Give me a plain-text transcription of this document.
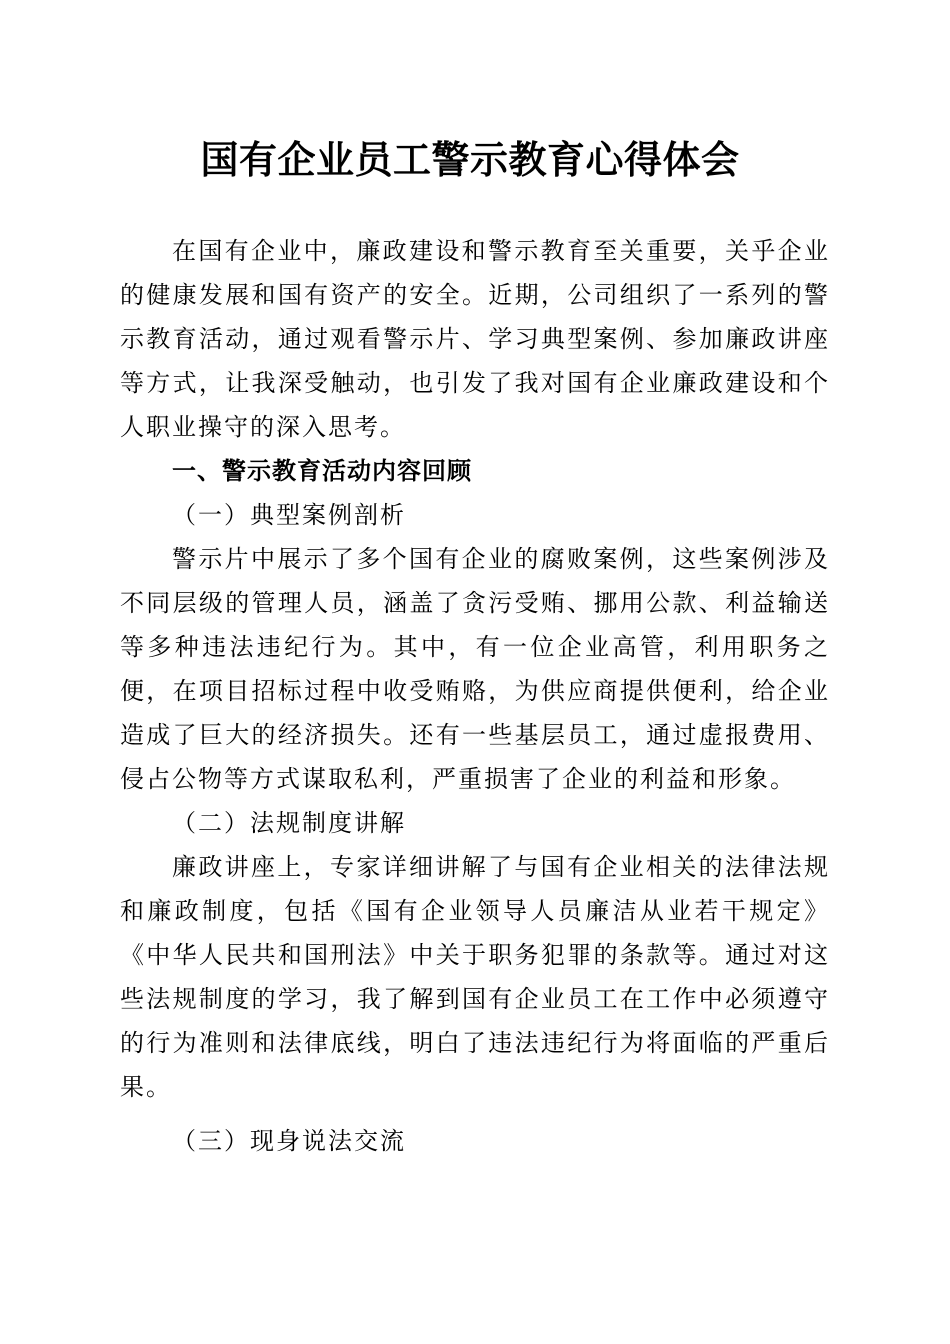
国有企业员工警示教育心得体会

在国有企业中，廉政建设和警示教育至关重要，关乎企业的健康发展和国有资产的安全。近期，公司组织了一系列的警示教育活动，通过观看警示片、学习典型案例、参加廉政讲座等方式，让我深受触动，也引发了我对国有企业廉政建设和个人职业操守的深入思考。

一、警示教育活动内容回顾

（一）典型案例剖析

警示片中展示了多个国有企业的腐败案例，这些案例涉及不同层级的管理人员，涵盖了贪污受贿、挪用公款、利益输送等多种违法违纪行为。其中，有一位企业高管，利用职务之便，在项目招标过程中收受贿赂，为供应商提供便利，给企业造成了巨大的经济损失。还有一些基层员工，通过虚报费用、侵占公物等方式谋取私利，严重损害了企业的利益和形象。

（二）法规制度讲解

廉政讲座上，专家详细讲解了与国有企业相关的法律法规和廉政制度，包括《国有企业领导人员廉洁从业若干规定》《中华人民共和国刑法》中关于职务犯罪的条款等。通过对这些法规制度的学习，我了解到国有企业员工在工作中必须遵守的行为准则和法律底线，明白了违法违纪行为将面临的严重后果。

（三）现身说法交流
